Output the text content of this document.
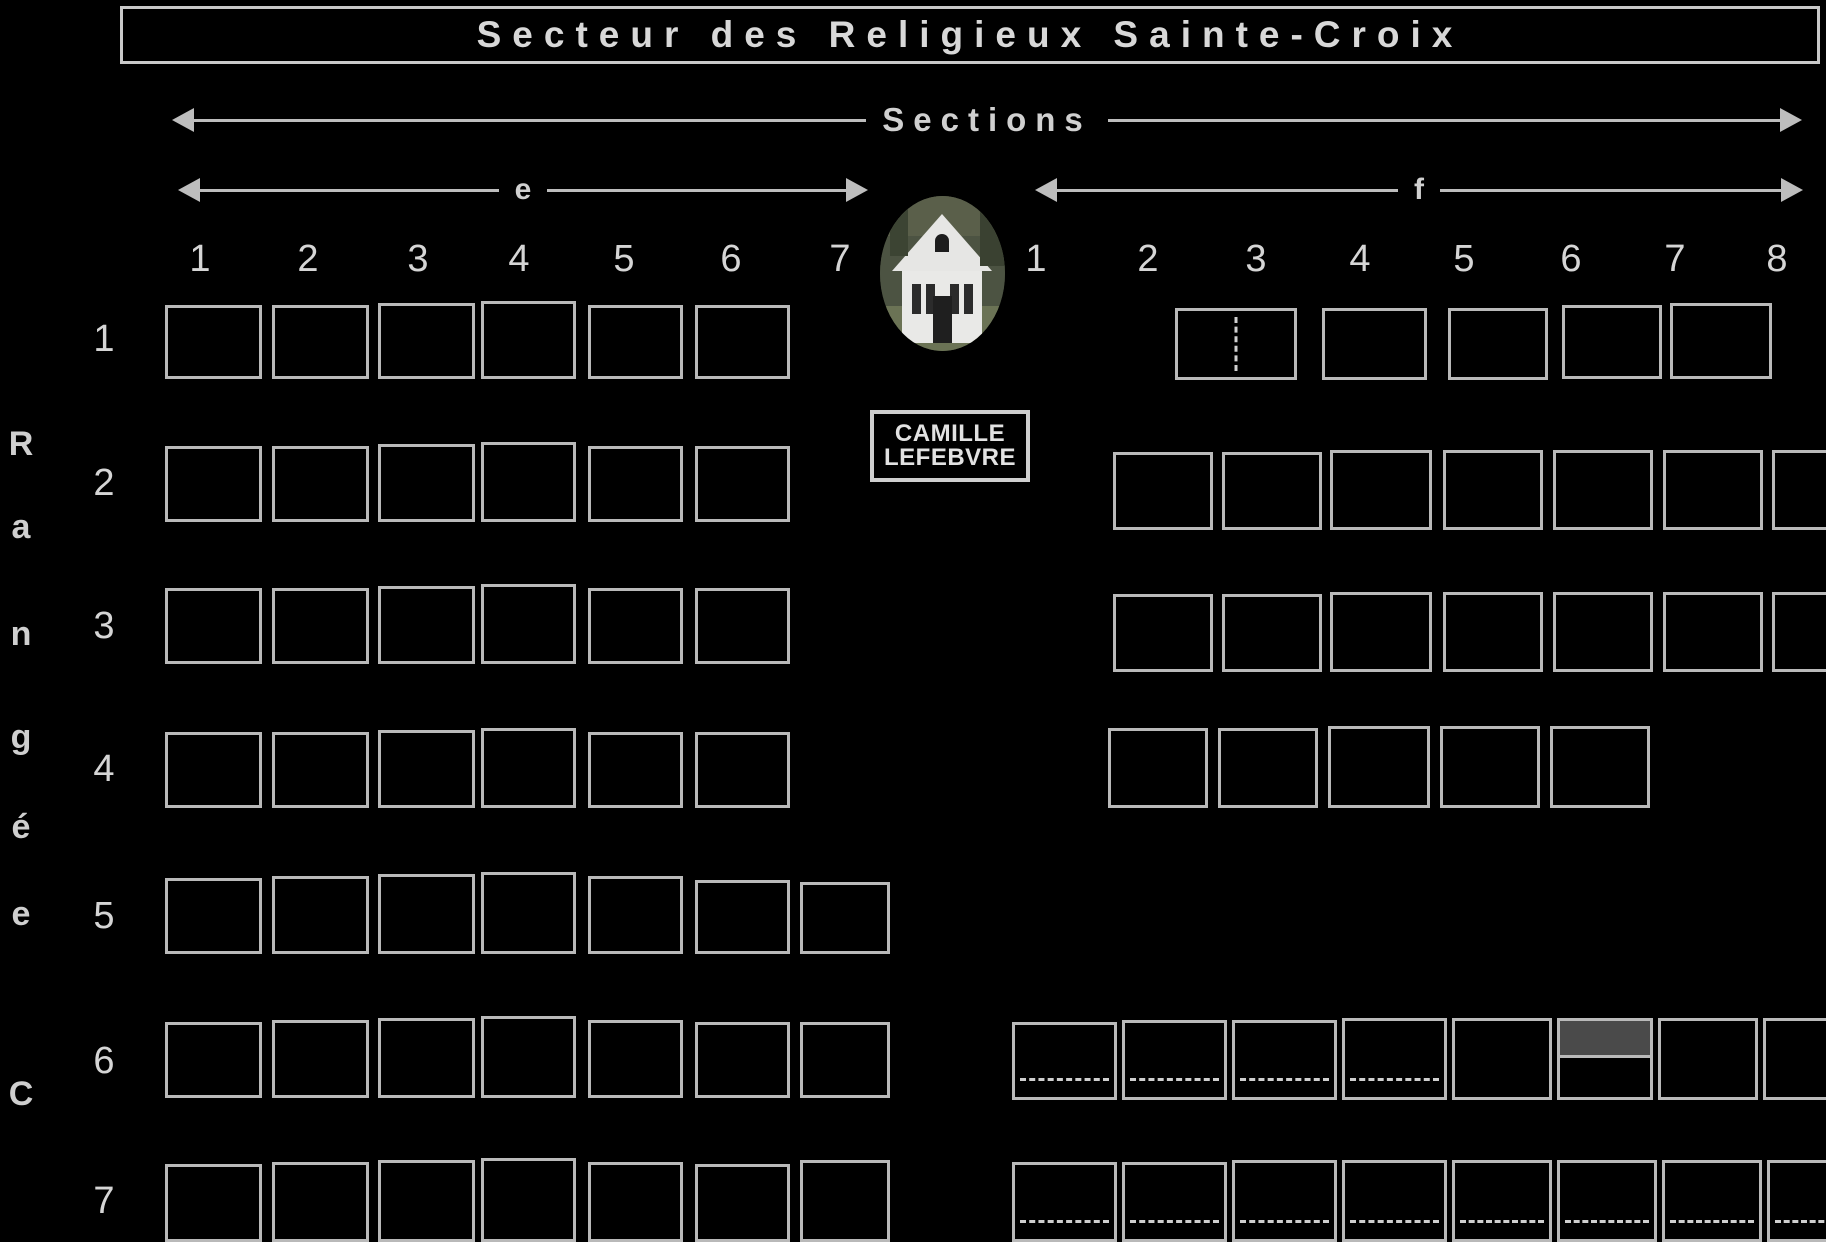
Secteur des Religieux Sainte-Croix
Sections
e	f
1 2 3 4 5 6 7	1 2 3 4 5 6 7 8
1
2
3
4
5
6
7
R
a
n
g
é
e
C
CAMILLE
LEFEBVRE
